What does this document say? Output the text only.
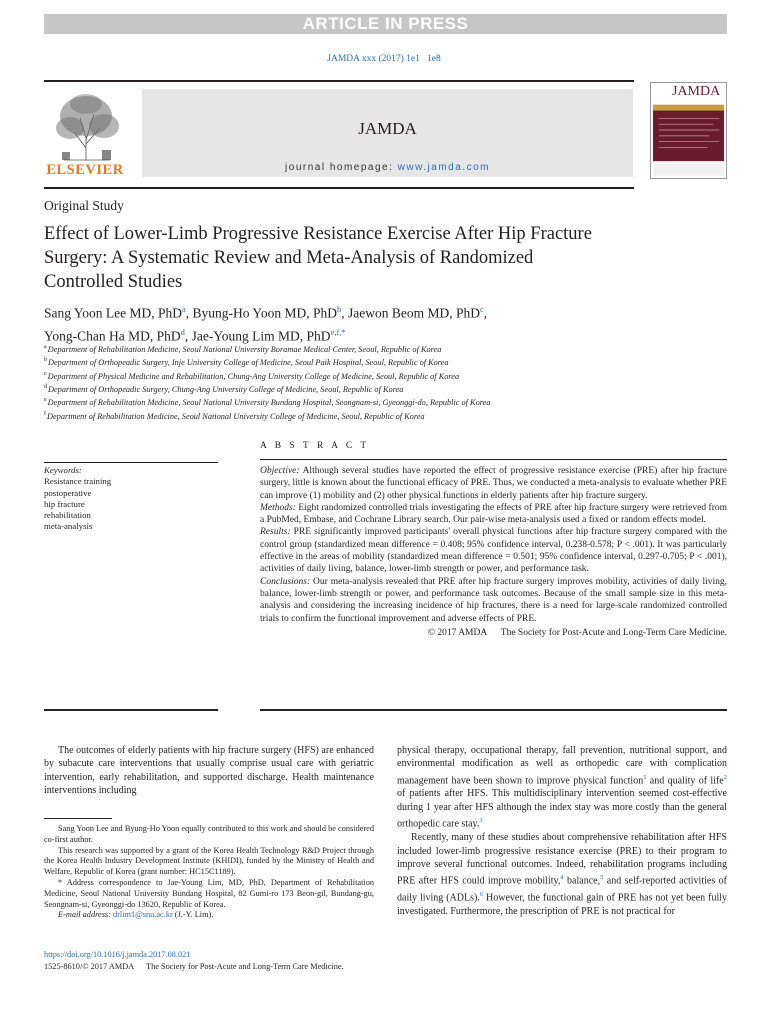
ARTICLE IN PRESS
JAMDA xxx (2017) 1e1   1e8
ELSEVIER
JAMDA
journal homepage: www.jamda.com
JAMDA
Original Study
Effect of Lower-Limb Progressive Resistance Exercise After Hip Fracture Surgery: A Systematic Review and Meta-Analysis of Randomized Controlled Studies
Sang Yoon Lee MD, PhD$^a$, Byung-Ho Yoon MD, PhD$^b$, Jaewon Beom MD, PhD$^c$,
Yong-Chan Ha MD, PhD$^d$, Jae-Young Lim MD, PhD$^{e,f,*}$
$^a$Department of Rehabilitation Medicine, Seoul National University Boramae Medical Center, Seoul, Republic of Korea
$^b$Department of Orthopeadic Surgery, Inje University College of Medicine, Seoul Paik Hospital, Seoul, Republic of Korea
$^c$Department of Physical Medicine and Rehabilitation, Chung-Ang University College of Medicine, Seoul, Republic of Korea
$^d$Department of Orthopeadic Surgery, Chung-Ang University College of Medicine, Seoul, Republic of Korea
$^e$Department of Rehabilitation Medicine, Seoul National University Bundang Hospital, Seongnam-si, Gyeonggi-do, Republic of Korea
$^f$Department of Rehabilitation Medicine, Seoul National University College of Medicine, Seoul, Republic of Korea
A B S T R A C T
Keywords:
Resistance training
postoperative
hip fracture
rehabilitation
meta-analysis
Objective: Although several studies have reported the effect of progressive resistance exercise (PRE) after hip fracture surgery, little is known about the functional efficacy of PRE. Thus, we conducted a meta-analysis to evaluate whether PRE can improve (1) mobility and (2) other physical functions in elderly patients after hip fracture surgery.
Methods: Eight randomized controlled trials investigating the effects of PRE after hip fracture surgery were retrieved from a PubMed, Embase, and Cochrane Library search. Our pair-wise meta-analysis used a fixed or random effects model.
Results: PRE significantly improved participants' overall physical functions after hip fracture surgery compared with the control group (standardized mean difference = 0.408; 95% confidence interval, 0.238-0.578; P < .001). It was particularly effective in the areas of mobility (standardized mean difference = 0.501; 95% confidence interval, 0.297-0.705; P < .001), activities of daily living, balance, lower-limb strength or power, and performance task.
Conclusions: Our meta-analysis revealed that PRE after hip fracture surgery improves mobility, activities of daily living, balance, lower-limb strength or power, and performance task outcomes. Because of the small sample size in this meta-analysis and considering the increasing incidence of hip fractures, there is a need for large-scale randomized controlled trials to confirm the functional improvement and adverse effects of PRE.
© 2017 AMDA   The Society for Post-Acute and Long-Term Care Medicine.

The outcomes of elderly patients with hip fracture surgery (HFS) are enhanced by subacute care interventions that usually comprise usual care with geriatric intervention, early rehabilitation, and supported discharge. Health maintenance interventions including

physical therapy, occupational therapy, fall prevention, nutritional support, and environmental modification as well as orthopedic care with complication management have been shown to improve physical function$^1$ and quality of life$^2$ of patients after HFS. This multidisciplinary intervention seemed cost-effective during 1 year after HFS although the index stay was more costly than the general orthopedic care stay.$^3$

Recently, many of these studies about comprehensive rehabilitation after HFS included lower-limb progressive resistance exercise (PRE) to their program to improve several functional outcomes. Indeed, rehabilitation programs including PRE after HFS could improve mobility,$^4$ balance,$^5$ and self-reported activities of daily living (ADLs).$^6$ However, the functional gain of PRE has not yet been fully investigated. Furthermore, the prescription of PRE is not practical for

Sang Yoon Lee and Byung-Ho Yoon equally contributed to this work and should be considered co-first author.

This research was supported by a grant of the Korea Health Technology R&D Project through the Korea Health Industry Development Institute (KHIDI), funded by the Ministry of Health and Welfare, Republic of Korea (grant number: HC15C1189).

* Address correspondence to Jae-Young Lim, MD, PhD, Department of Rehabilitation Medicine, Seoul National University Bundang Hospital, 82 Gumi-ro 173 Beon-gil, Bundang-gu, Seongnam-si, Gyeonggi-do 13620, Republic of Korea.

E-mail address: drlim1@snu.ac.kr (J.-Y. Lim).

https://doi.org/10.1016/j.jamda.2017.08.021
1525-8610/© 2017 AMDA   The Society for Post-Acute and Long-Term Care Medicine.
